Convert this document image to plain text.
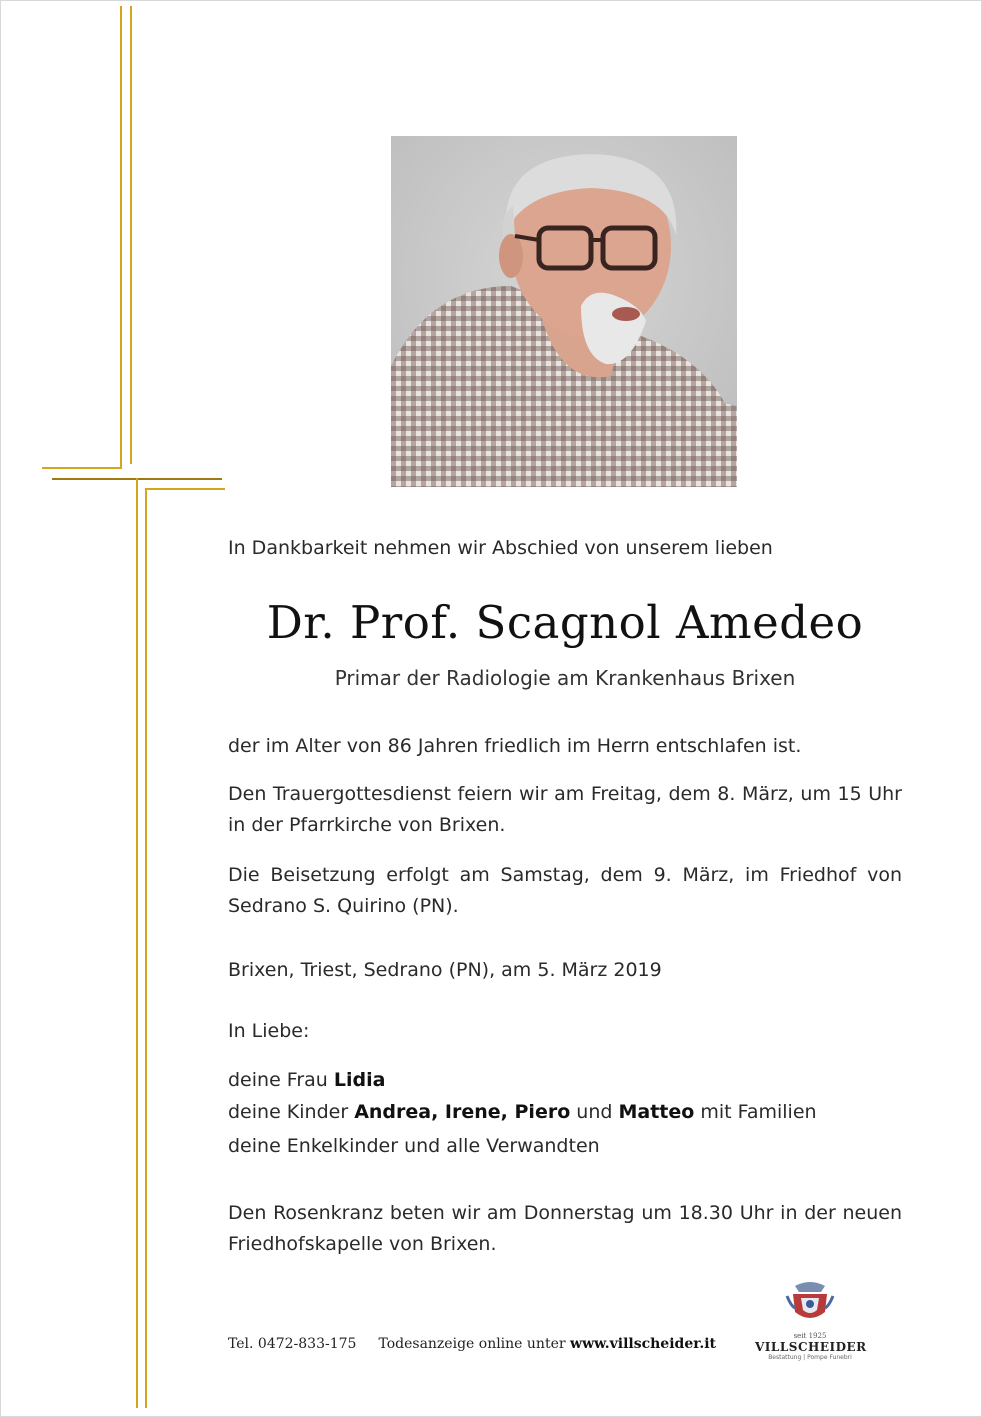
In Dankbarkeit nehmen wir Abschied von unserem lieben

Dr. Prof. Scagnol Amedeo
Primar der Radiologie am Krankenhaus Brixen

der im Alter von 86 Jahren friedlich im Herrn entschlafen ist.

Den Trauergottesdienst feiern wir am Freitag, dem 8. März, um 15 Uhr in der Pfarrkirche von Brixen.

Die Beisetzung erfolgt am Samstag, dem 9. März, im Friedhof von Sedrano S. Quirino (PN).

Brixen, Triest, Sedrano (PN), am 5. März 2019

In Liebe:

deine Frau Lidia

deine Kinder Andrea, Irene, Piero und Matteo mit Familien

deine Enkelkinder und alle Verwandten

Den Rosenkranz beten wir am Donnerstag um 18.30 Uhr in der neuen Friedhofskapelle von Brixen.

Tel. 0472-833-175 Todesanzeige online unter www.villscheider.it	seit 1925
VILLSCHEIDER
Bestattung | Pompe Funebri
